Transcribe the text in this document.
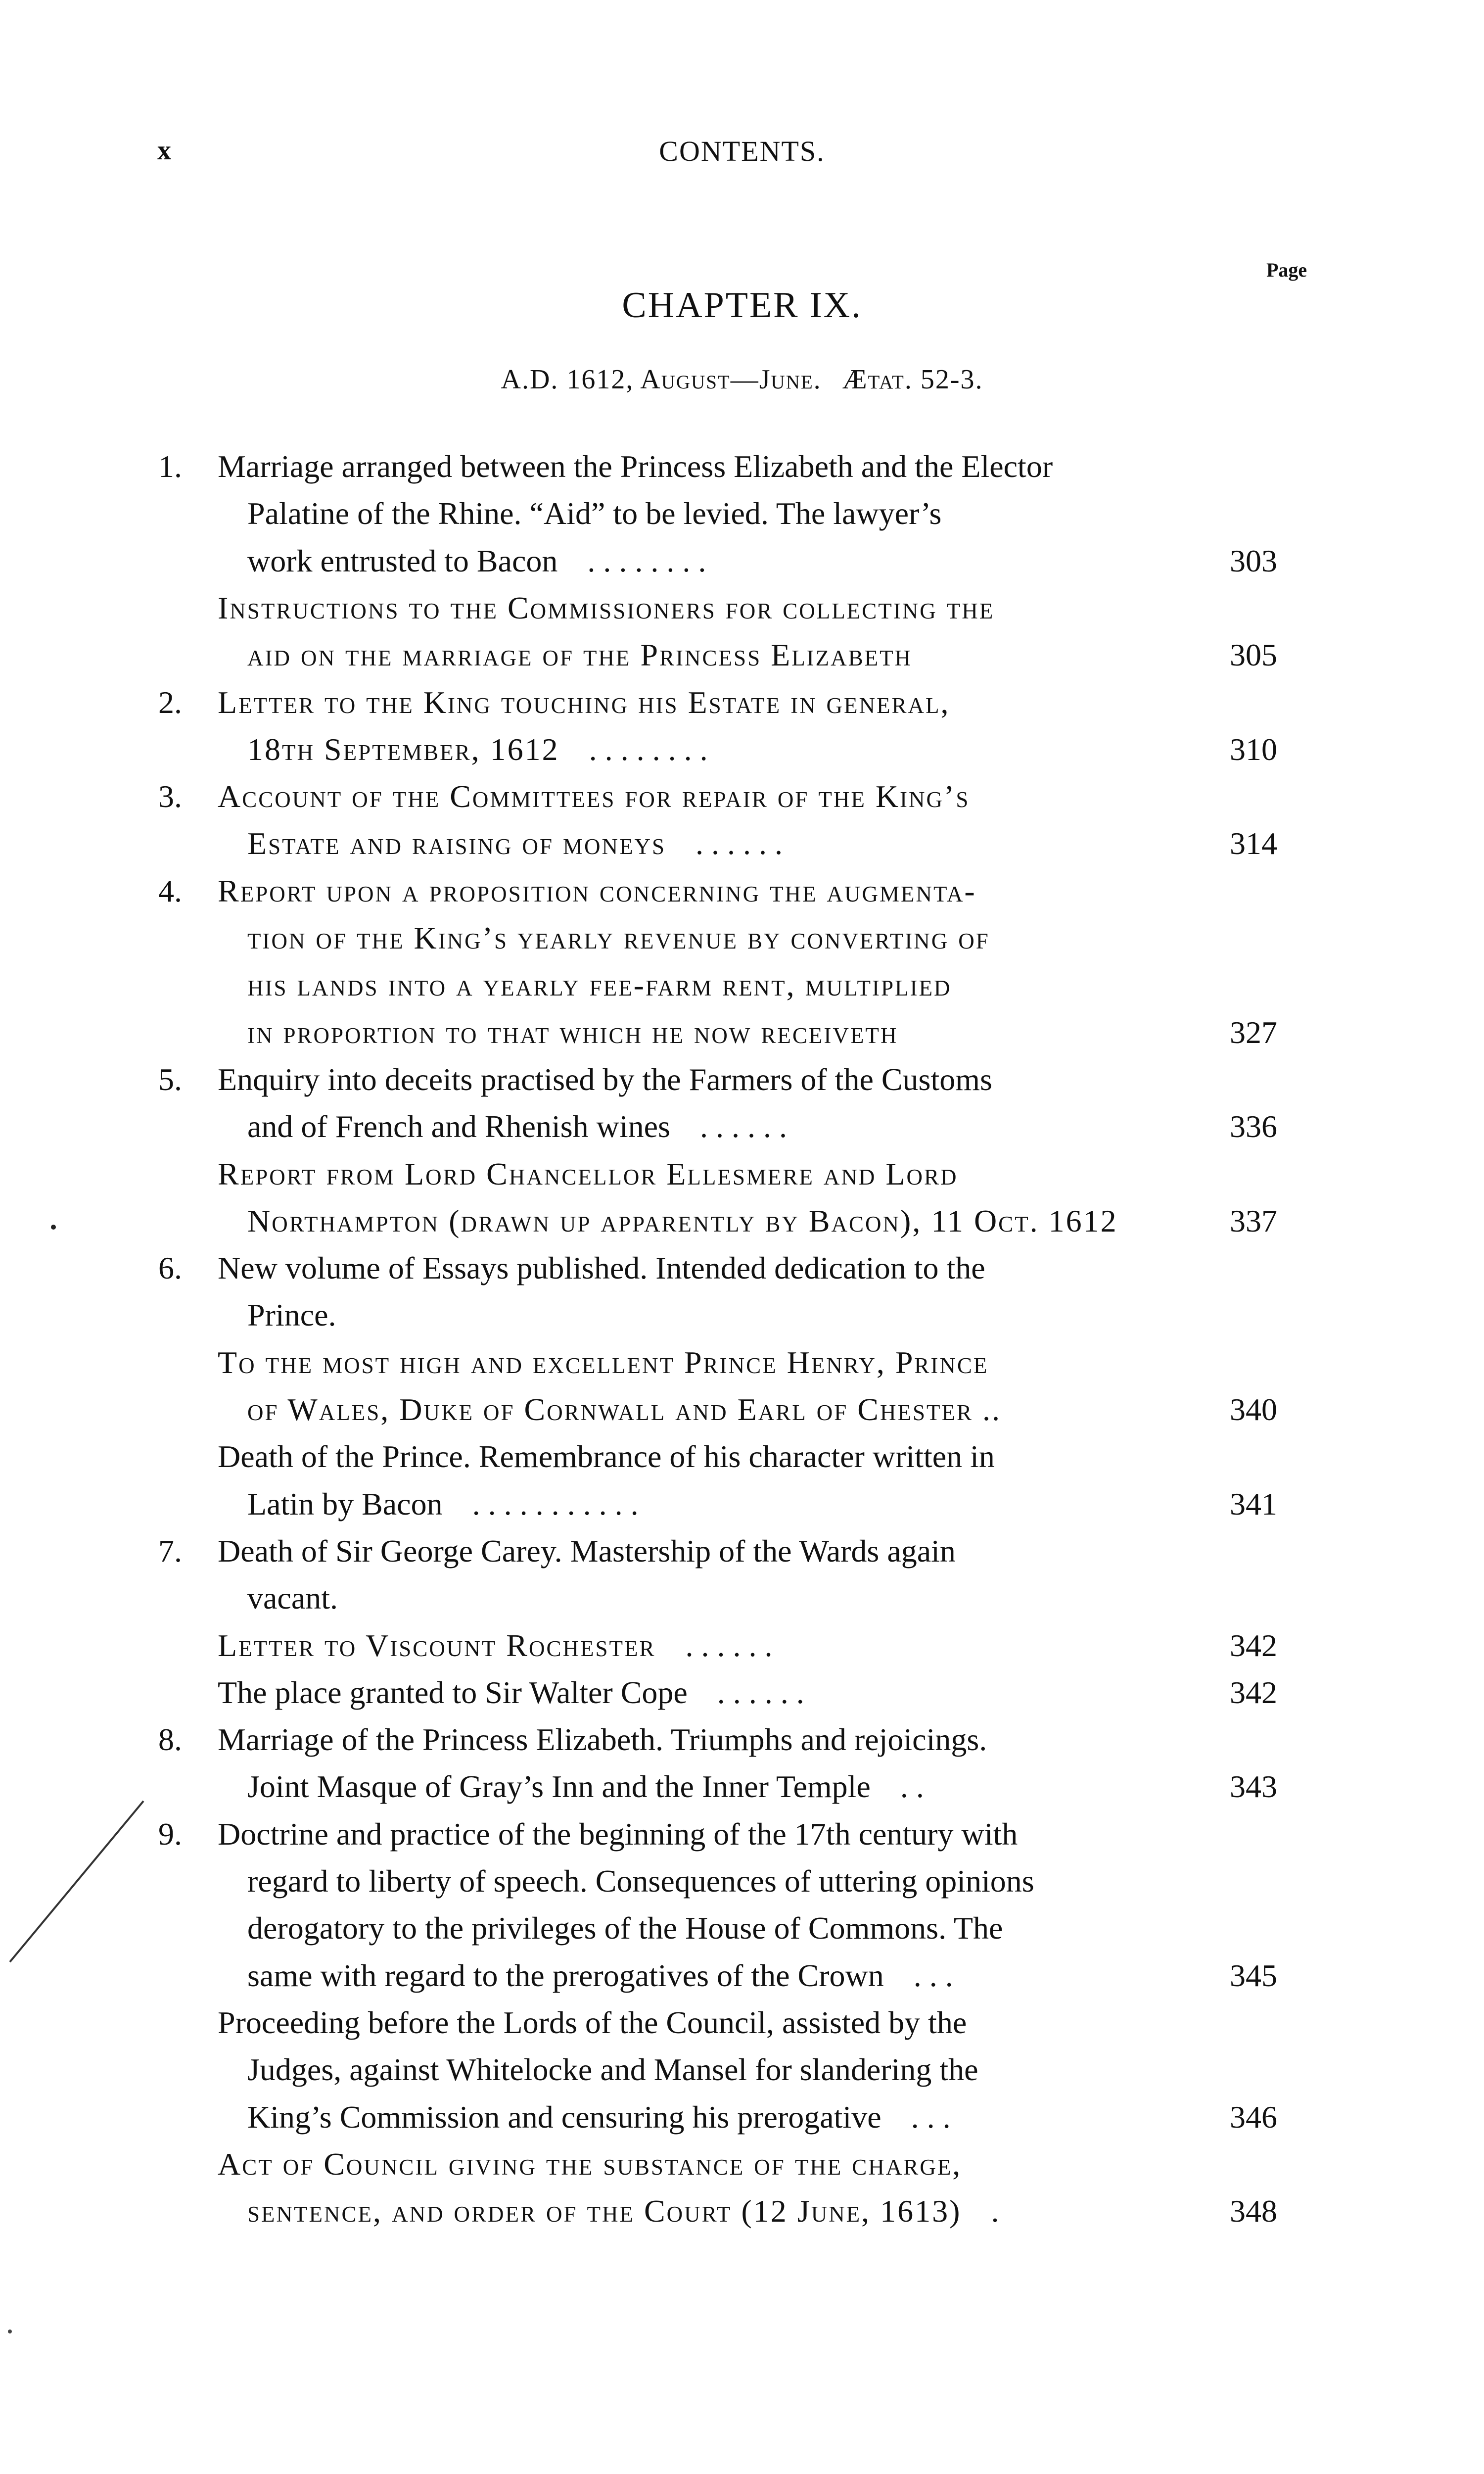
x	CONTENTS.
Page
CHAPTER IX.
A.D. 1612, August—June. Ætat. 52-3.
1. Marriage arranged between the Princess Elizabeth and the Elector
Palatine of the Rhine. “Aid” to be levied. The lawyer’s
work entrusted to Bacon . . . . . . . .	303
Instructions to the Commissioners for collecting the
aid on the marriage of the Princess Elizabeth	305
2. Letter to the King touching his Estate in general,
18th September, 1612 . . . . . . . .	310
3. Account of the Committees for repair of the King’s
Estate and raising of moneys . . . . . .	314
4. Report upon a proposition concerning the augmenta-
tion of the King’s yearly revenue by converting of
his lands into a yearly fee-farm rent, multiplied
in proportion to that which he now receiveth	327
5. Enquiry into deceits practised by the Farmers of the Customs
and of French and Rhenish wines . . . . . .	336
Report from Lord Chancellor Ellesmere and Lord
Northampton (drawn up apparently by Bacon), 11 Oct. 1612	337
6. New volume of Essays published. Intended dedication to the
Prince.
To the most high and excellent Prince Henry, Prince
of Wales, Duke of Cornwall and Earl of Chester ..	340
Death of the Prince. Remembrance of his character written in
Latin by Bacon . . . . . . . . . . .	341
7. Death of Sir George Carey. Mastership of the Wards again
vacant.
Letter to Viscount Rochester . . . . . .	342
The place granted to Sir Walter Cope . . . . . .	342
8. Marriage of the Princess Elizabeth. Triumphs and rejoicings.
Joint Masque of Gray’s Inn and the Inner Temple . .	343
9. Doctrine and practice of the beginning of the 17th century with
regard to liberty of speech. Consequences of uttering opinions
derogatory to the privileges of the House of Commons. The
same with regard to the prerogatives of the Crown . . .	345
Proceeding before the Lords of the Council, assisted by the
Judges, against Whitelocke and Mansel for slandering the
King’s Commission and censuring his prerogative . . .	346
Act of Council giving the substance of the charge,
sentence, and order of the Court (12 June, 1613) .	348
